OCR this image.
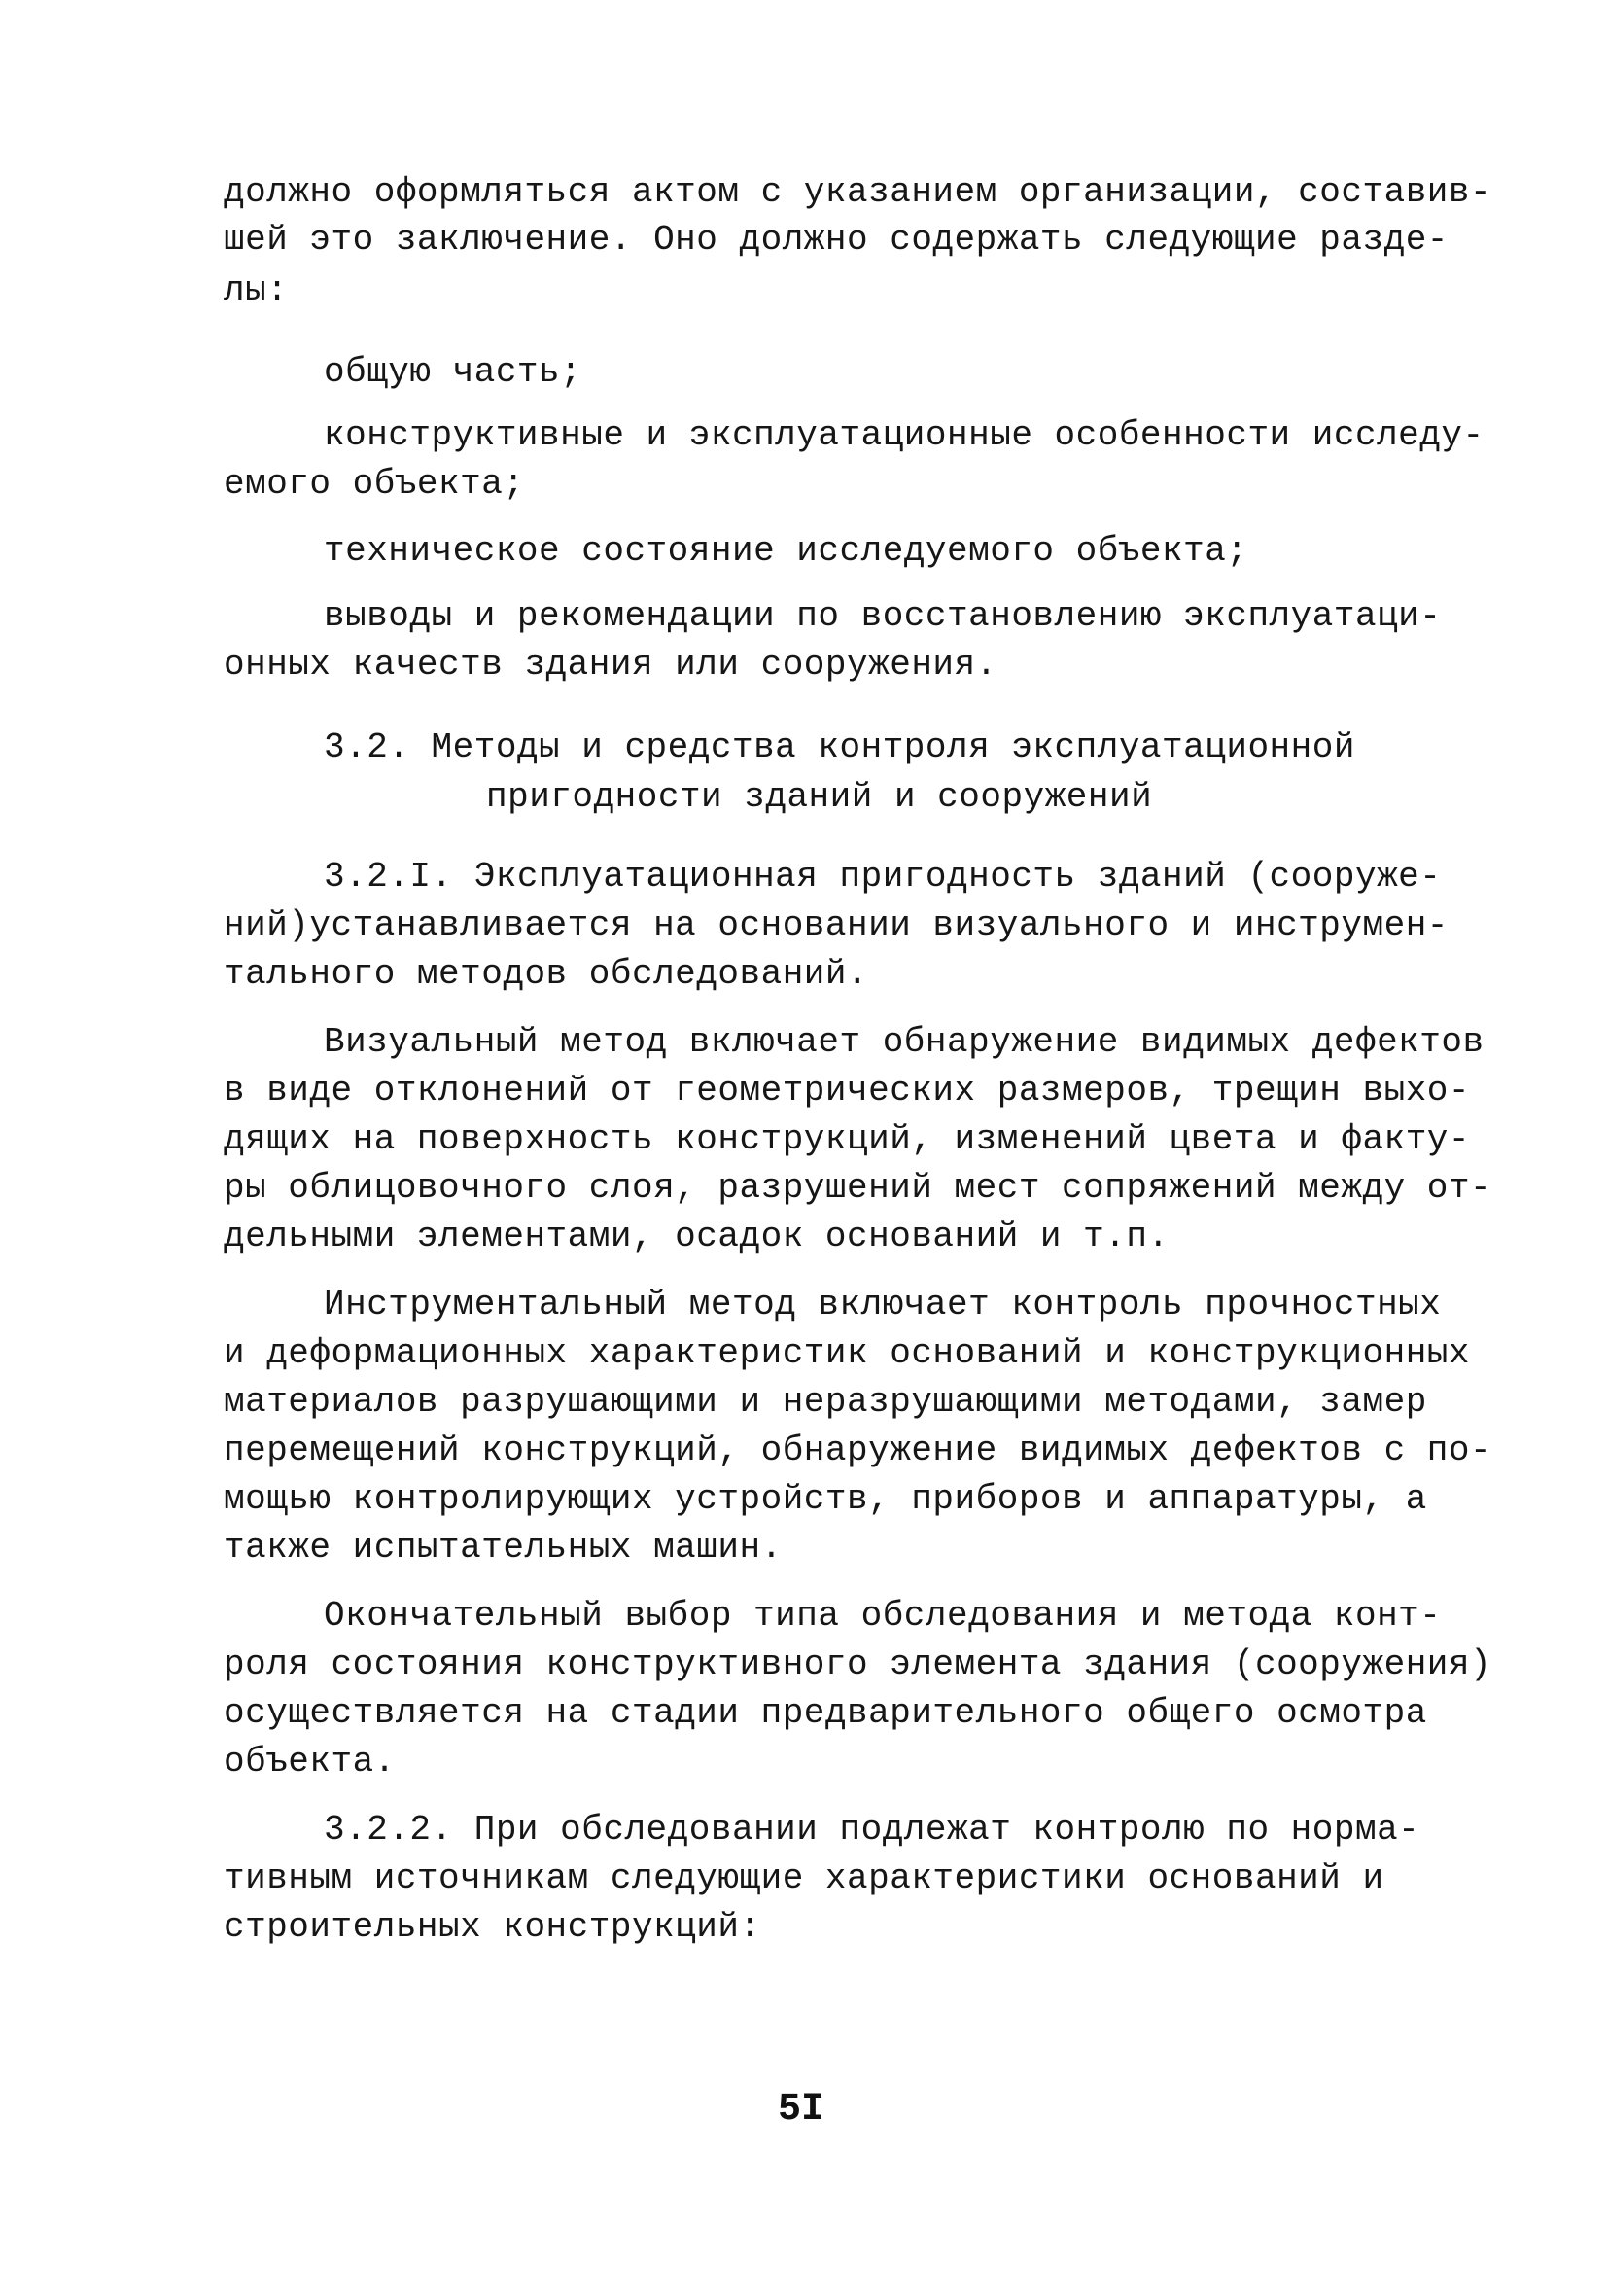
должно оформляться актом с указанием организации, составив-
шей это заключение. Оно должно содержать следующие разде-
лы:
общую часть;
конструктивные и эксплуатационные особенности исследу-
емого объекта;
техническое состояние исследуемого объекта;
выводы и рекомендации по восстановлению эксплуатаци-
онных качеств здания или сооружения.
3.2. Методы и средства контроля эксплуатационной
пригодности зданий и сооружений
3.2.I. Эксплуатационная пригодность зданий (сооруже-
ний)устанавливается на основании визуального и инструмен-
тального методов обследований.
Визуальный метод включает обнаружение видимых дефектов
в виде отклонений от геометрических размеров, трещин выхо-
дящих на поверхность конструкций, изменений цвета и факту-
ры облицовочного слоя, разрушений мест сопряжений между от-
дельными элементами, осадок оснований и т.п.
Инструментальный метод включает контроль прочностных
и деформационных характеристик оснований и конструкционных
материалов разрушающими и неразрушающими методами, замер
перемещений конструкций, обнаружение видимых дефектов с по-
мощью контролирующих устройств, приборов и аппаратуры, а
также испытательных машин.
Окончательный выбор типа обследования и метода конт-
роля состояния конструктивного элемента здания (сооружения)
осуществляется на стадии предварительного общего осмотра
объекта.
3.2.2. При обследовании подлежат контролю по норма-
тивным источникам следующие характеристики оснований и
строительных конструкций:
5I
